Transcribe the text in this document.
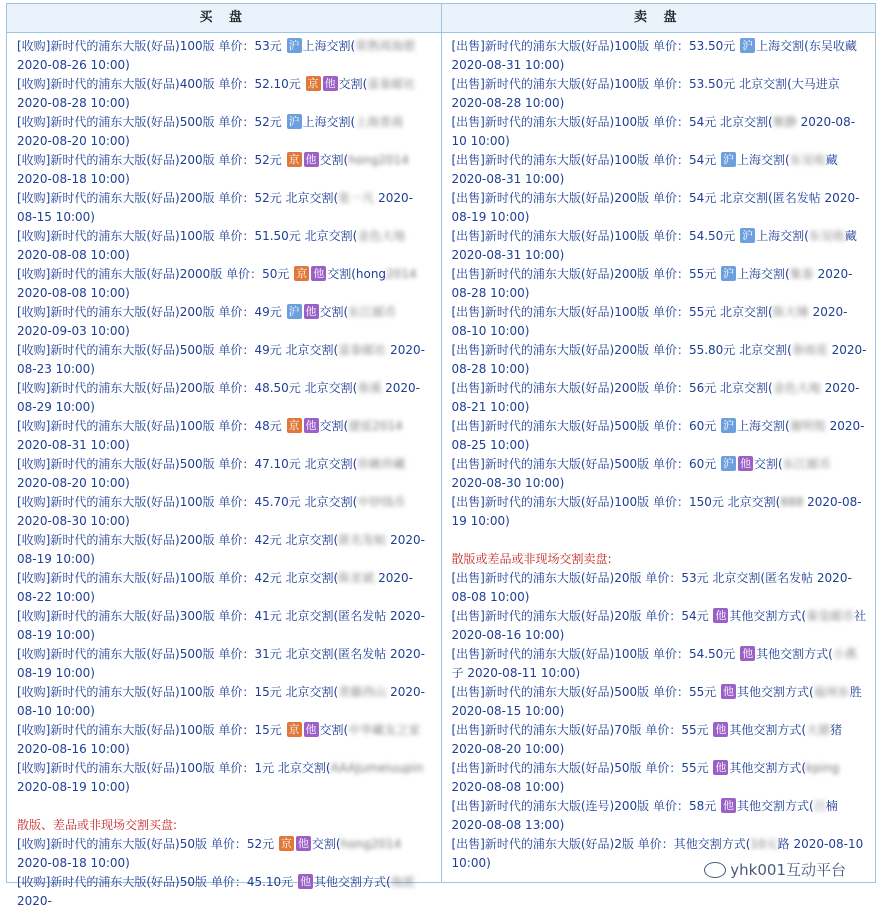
买 盘
[收购]新时代的浦东大版(好品)100版 单价：53元 沪 上海交割(常熟周海碧 2020-08-26 10:00)
[收购]新时代的浦东大版(好品)400版 单价：52.10元 京 他 交割(富泰邮社 2020-08-28 10:00)
[收购]新时代的浦东大版(好品)500版 单价：52元 沪 上海交割(上海普商 2020-08-20 10:00)
[收购]新时代的浦东大版(好品)200版 单价：52元 京 他 交割(hong2014 2020-08-18 10:00)
[收购]新时代的浦东大版(好品)200版 单价：52元 北京交割(张一凡 2020-08-15 10:00)
[收购]新时代的浦东大版(好品)100版 单价：51.50元 北京交割(金色大地 2020-08-08 10:00)
[收购]新时代的浦东大版(好品)2000版 单价：50元 京 他 交割(hong2014 2020-08-08 10:00)
[收购]新时代的浦东大版(好品)200版 单价：49元 沪 他 交割(东江邮币 2020-09-03 10:00)
[收购]新时代的浦东大版(好品)500版 单价：49元 北京交割(富泰邮社 2020-08-23 10:00)
[收购]新时代的浦东大版(好品)200版 单价：48.50元 北京交割(春溪 2020-08-29 10:00)
[收购]新时代的浦东大版(好品)100版 单价：48元 京 他 交割(捷延2014 2020-08-31 10:00)
[收购]新时代的浦东大版(好品)500版 单价：47.10元 北京交割(你瞅珍藏 2020-08-20 10:00)
[收购]新时代的浦东大版(好品)100版 单价：45.70元 北京交割(中钞钱币 2020-08-30 10:00)
[收购]新时代的浦东大版(好品)200版 单价：42元 北京交割(匿名发帖 2020-08-19 10:00)
[收购]新时代的浦东大版(好品)100版 单价：42元 北京交割(陈亚斌 2020-08-22 10:00)
[收购]新时代的浦东大版(好品)300版 单价：41元 北京交割(匿名发帖 2020-08-19 10:00)
[收购]新时代的浦东大版(好品)500版 单价：31元 北京交割(匿名发帖 2020-08-19 10:00)
[收购]新时代的浦东大版(好品)100版 单价：15元 北京交割(青藤西山 2020-08-10 10:00)
[收购]新时代的浦东大版(好品)100版 单价：15元 京 他 交割(中华藏友之家 2020-08-16 10:00)
[收购]新时代的浦东大版(好品)100版 单价：1元 北京交割(AAAJumeiuupin 2020-08-19 10:00)
散版、差品或非现场交割买盘:
[收购]新时代的浦东大版(好品)50版 单价：52元 京 他 交割(hong2014 2020-08-18 10:00)
[收购]新时代的浦东大版(好品)50版 单价：45.10元 他 其他交割方式(海派 2020-
卖 盘
[出售]新时代的浦东大版(好品)100版 单价：53.50元 沪 上海交割(东吴收藏 2020-08-31 10:00)
[出售]新时代的浦东大版(好品)100版 单价：53.50元 北京交割(大马进京 2020-08-28 10:00)
[出售]新时代的浦东大版(好品)100版 单价：54元 北京交割(聚静 2020-08-10 10:00)
[出售]新时代的浦东大版(好品)100版 单价：54元 沪 上海交割(东吴收藏 2020-08-31 10:00)
[出售]新时代的浦东大版(好品)200版 单价：54元 北京交割(匿名发帖 2020-08-19 10:00)
[出售]新时代的浦东大版(好品)100版 单价：54.50元 沪 上海交割(东吴收藏 2020-08-31 10:00)
[出售]新时代的浦东大版(好品)200版 单价：55元 沪 上海交割(集泰 2020-08-28 10:00)
[出售]新时代的浦东大版(好品)100版 单价：55元 北京交割(陈大锤 2020-08-10 10:00)
[出售]新时代的浦东大版(好品)200版 单价：55.80元 北京交割(春雨花 2020-08-28 10:00)
[出售]新时代的浦东大版(好品)200版 单价：56元 北京交割(金色大地 2020-08-21 10:00)
[出售]新时代的浦东大版(好品)500版 单价：60元 沪 上海交割(谢明悦 2020-08-25 10:00)
[出售]新时代的浦东大版(好品)500版 单价：60元 沪 他 交割(东江邮币 2020-08-30 10:00)
[出售]新时代的浦东大版(好品)100版 单价：150元 北京交割(888 2020-08-19 10:00)
散版或差品或非现场交割卖盘:
[出售]新时代的浦东大版(好品)20版 单价：53元 北京交割(匿名发帖 2020-08-08 10:00)
[出售]新时代的浦东大版(好品)20版 单价：54元 他 其他交割方式(秦皇邮币社 2020-08-16 10:00)
[出售]新时代的浦东大版(好品)100版 单价：54.50元 他 其他交割方式(小燕子 2020-08-11 10:00)
[出售]新时代的浦东大版(好品)500版 单价：55元 他 其他交割方式(福州东胜 2020-08-15 10:00)
[出售]新时代的浦东大版(好品)70版 单价：55元 他 其他交割方式(大猪猪 2020-08-20 10:00)
[出售]新时代的浦东大版(好品)50版 单价：55元 他 其他交割方式(kping 2020-08-08 10:00)
[出售]新时代的浦东大版(连号)200版 单价：58元 他 其他交割方式(吕楠 2020-08-08 13:00)
[出售]新时代的浦东大版(好品)2版 单价：其他交割方式(10元路 2020-08-10 10:00)	yhk001互动平台
